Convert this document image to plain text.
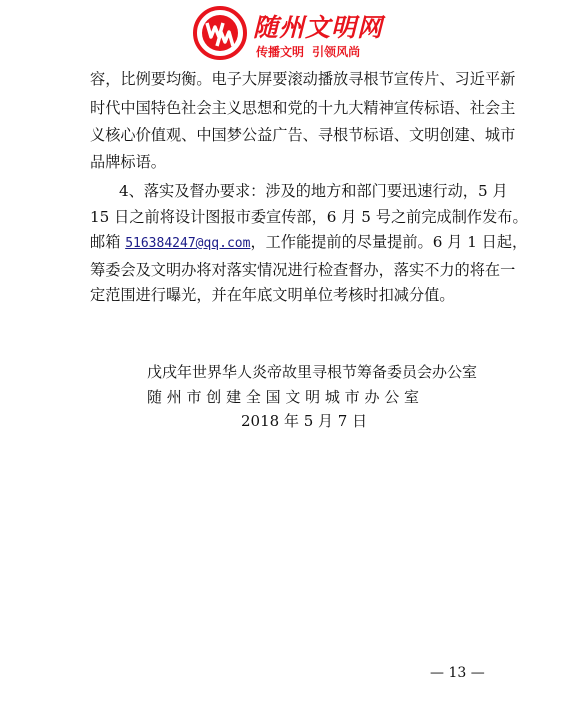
随州文明网
传播文明 引领风尚
容，比例要均衡。电子大屏要滚动播放寻根节宣传片、习近平新
时代中国特色社会主义思想和党的十九大精神宣传标语、社会主
义核心价值观、中国梦公益广告、寻根节标语、文明创建、城市
品牌标语。
4、落实及督办要求：涉及的地方和部门要迅速行动，5 月
15 日之前将设计图报市委宣传部，6 月 5 号之前完成制作发布。
邮箱 516384247@qq.com，工作能提前的尽量提前。6 月 1 日起，
筹委会及文明办将对落实情况进行检查督办，落实不力的将在一
定范围进行曝光，并在年底文明单位考核时扣减分值。
戊戌年世界华人炎帝故里寻根节筹备委员会办公室
随 州 市 创 建 全 国 文 明 城 市 办 公 室
2018 年 5 月 7 日
— 13 —
